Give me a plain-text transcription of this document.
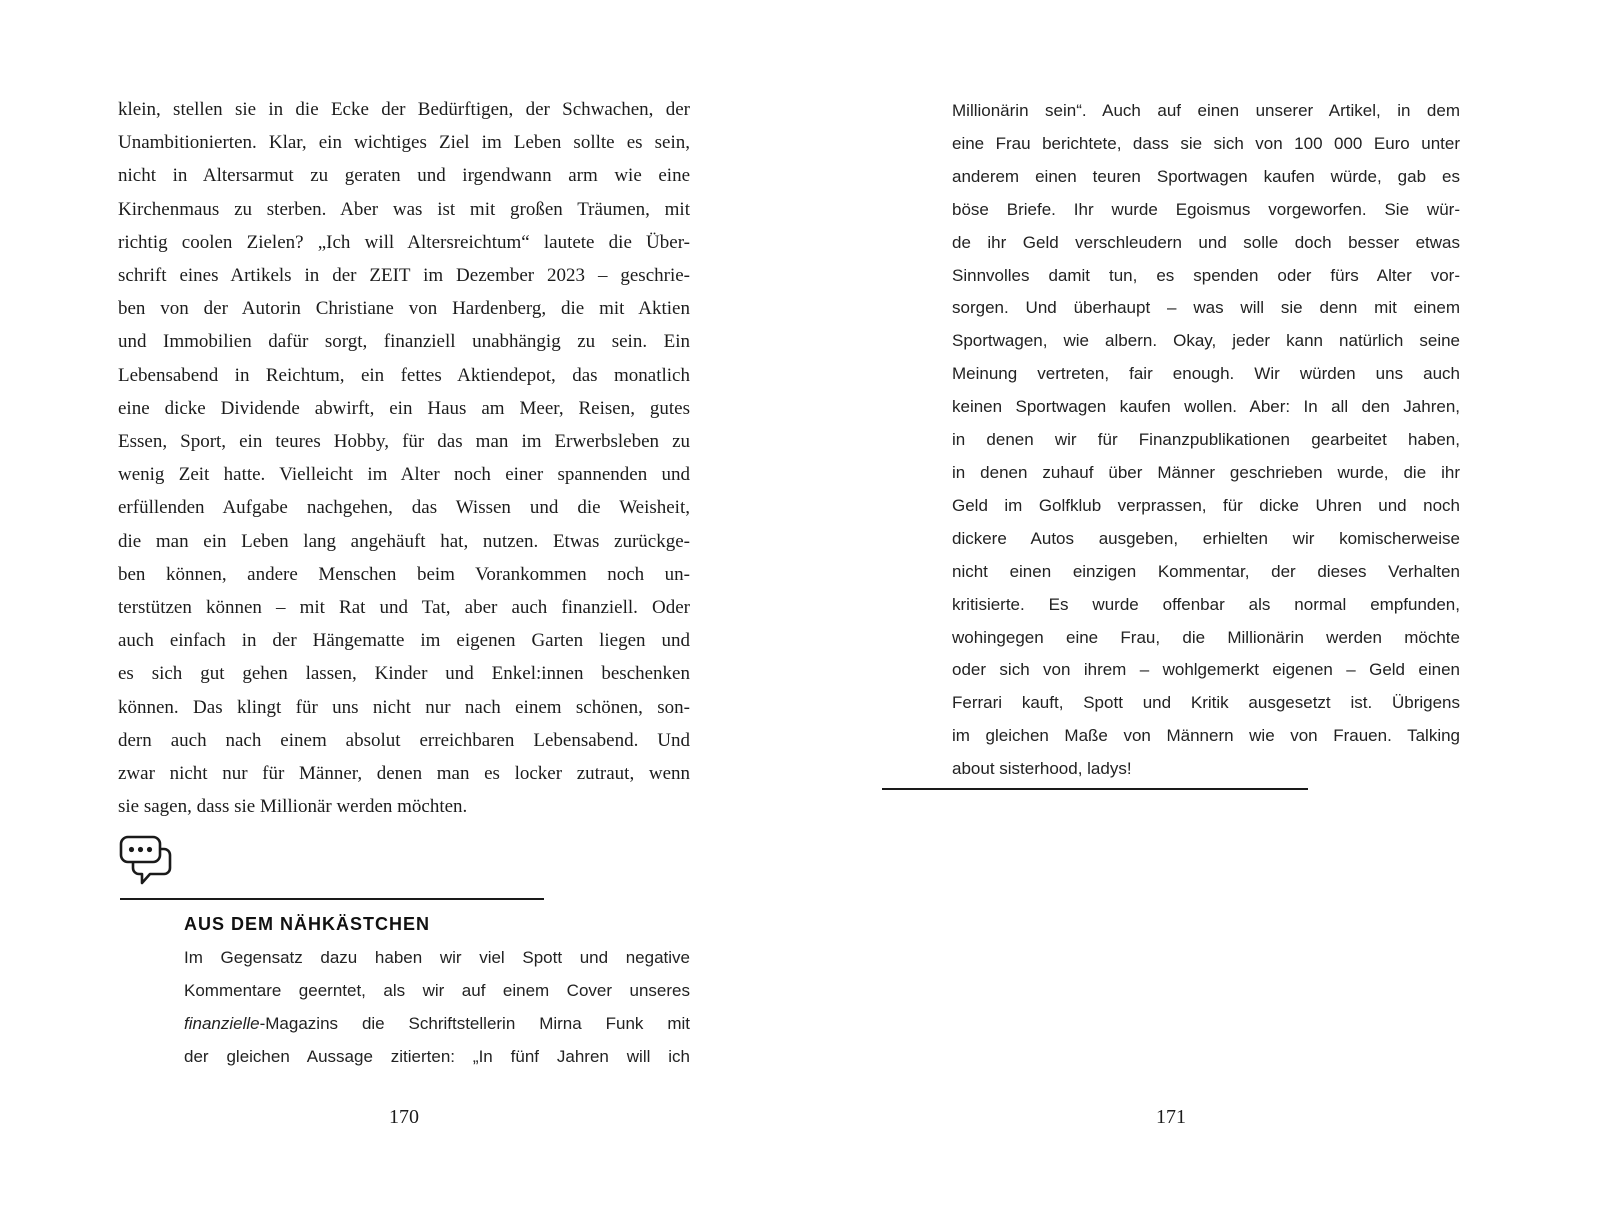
klein, stellen sie in die Ecke der Bedürftigen, der Schwachen, der
Unambitionierten. Klar, ein wichtiges Ziel im Leben sollte es sein,
nicht in Altersarmut zu geraten und irgendwann arm wie eine
Kirchenmaus zu sterben. Aber was ist mit großen Träumen, mit
richtig coolen Zielen? „Ich will Altersreichtum“ lautete die Über-
schrift eines Artikels in der ZEIT im Dezember 2023 – geschrie-
ben von der Autorin Christiane von Hardenberg, die mit Aktien
und Immobilien dafür sorgt, finanziell unabhängig zu sein. Ein
Lebensabend in Reichtum, ein fettes Aktiendepot, das monatlich
eine dicke Dividende abwirft, ein Haus am Meer, Reisen, gutes
Essen, Sport, ein teures Hobby, für das man im Erwerbsleben zu
wenig Zeit hatte. Vielleicht im Alter noch einer spannenden und
erfüllenden Aufgabe nachgehen, das Wissen und die Weisheit,
die man ein Leben lang angehäuft hat, nutzen. Etwas zurückge-
ben können, andere Menschen beim Vorankommen noch un-
terstützen können – mit Rat und Tat, aber auch finanziell. Oder
auch einfach in der Hängematte im eigenen Garten liegen und
es sich gut gehen lassen, Kinder und Enkel:innen beschenken
können. Das klingt für uns nicht nur nach einem schönen, son-
dern auch nach einem absolut erreichbaren Lebensabend. Und
zwar nicht nur für Männer, denen man es locker zutraut, wenn
sie sagen, dass sie Millionär werden möchten.
AUS DEM NÄHKÄSTCHEN
Im Gegensatz dazu haben wir viel Spott und negative
Kommentare geerntet, als wir auf einem Cover unseres
finanzielle-Magazins die Schriftstellerin Mirna Funk mit
der gleichen Aussage zitierten: „In fünf Jahren will ich
170
Millionärin sein“. Auch auf einen unserer Artikel, in dem
eine Frau berichtete, dass sie sich von 100 000 Euro unter
anderem einen teuren Sportwagen kaufen würde, gab es
böse Briefe. Ihr wurde Egoismus vorgeworfen. Sie wür-
de ihr Geld verschleudern und solle doch besser etwas
Sinnvolles damit tun, es spenden oder fürs Alter vor-
sorgen. Und überhaupt – was will sie denn mit einem
Sportwagen, wie albern. Okay, jeder kann natürlich seine
Meinung vertreten, fair enough. Wir würden uns auch
keinen Sportwagen kaufen wollen. Aber: In all den Jahren,
in denen wir für Finanzpublikationen gearbeitet haben,
in denen zuhauf über Männer geschrieben wurde, die ihr
Geld im Golfklub verprassen, für dicke Uhren und noch
dickere Autos ausgeben, erhielten wir komischerweise
nicht einen einzigen Kommentar, der dieses Verhalten
kritisierte. Es wurde offenbar als normal empfunden,
wohingegen eine Frau, die Millionärin werden möchte
oder sich von ihrem – wohlgemerkt eigenen – Geld einen
Ferrari kauft, Spott und Kritik ausgesetzt ist. Übrigens
im gleichen Maße von Männern wie von Frauen. Talking
about sisterhood, ladys!
171
